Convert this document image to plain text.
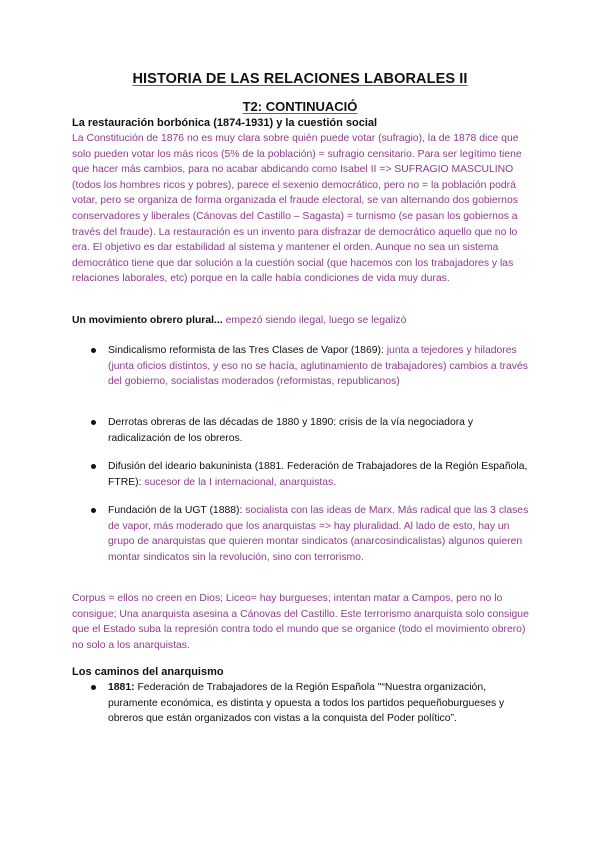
HISTORIA DE LAS RELACIONES LABORALES II
T2: CONTINUACIÓ
La restauración borbónica (1874-1931) y la cuestión social
La Constitución de 1876 no es muy clara sobre quién puede votar (sufragio), la de 1878 dice que solo pueden votar los más ricos (5% de la población) = sufragio censitario. Para ser legítimo tiene que hacer más cambios, para no acabar abdicando como Isabel II => SUFRAGIO MASCULINO (todos los hombres ricos y pobres), parece el sexenio democrático, pero no = la población podrá votar, pero se organiza de forma organizada el fraude electoral, se van alternando dos gobiernos conservadores y liberales (Cánovas del Castillo – Sagasta) = turnismo (se pasan los gobiernos a través del fraude). La restauración es un invento para disfrazar de democrático aquello que no lo era. El objetivo es dar estabilidad al sistema y mantener el orden. Aunque no sea un sistema democrático tiene que dar solución a la cuestión social (que hacemos con los trabajadores y las relaciones laborales, etc) porque en la calle había condiciones de vida muy duras.
Un movimiento obrero plural... empezó siendo ilegal, luego se legalizó
Sindicalismo reformista de las Tres Clases de Vapor (1869): junta a tejedores y hiladores (junta oficios distintos, y eso no se hacía, aglutinamiento de trabajadores) cambios a través del gobierno, socialistas moderados (reformistas, republicanos)
Derrotas obreras de las décadas de 1880 y 1890: crisis de la vía negociadora y radicalización de los obreros.
Difusión del ideario bakuninista (1881. Federación de Trabajadores de la Región Española, FTRE): sucesor de la I internacional, anarquistas.
Fundación de la UGT (1888): socialista con las ideas de Marx. Más radical que las 3 clases de vapor, más moderado que los anarquistas => hay pluralidad. Al lado de esto, hay un grupo de anarquistas que quieren montar sindicatos (anarcosindicalistas) algunos quieren montar sindicatos sin la revolución, sino con terrorismo.
Corpus = ellos no creen en Dios; Liceo= hay burgueses; intentan matar a Campos, pero no lo consigue; Una anarquista asesina a Cánovas del Castillo. Este terrorismo anarquista solo consigue que el Estado suba la represión contra todo el mundo que se organice (todo el movimiento obrero) no solo a los anarquistas.
Los caminos del anarquismo
1881: Federación de Trabajadores de la Región Española "“Nuestra organización, puramente económica, es distinta y opuesta a todos los partidos pequeñoburgueses y obreros que están organizados con vistas a la conquista del Poder político”.
